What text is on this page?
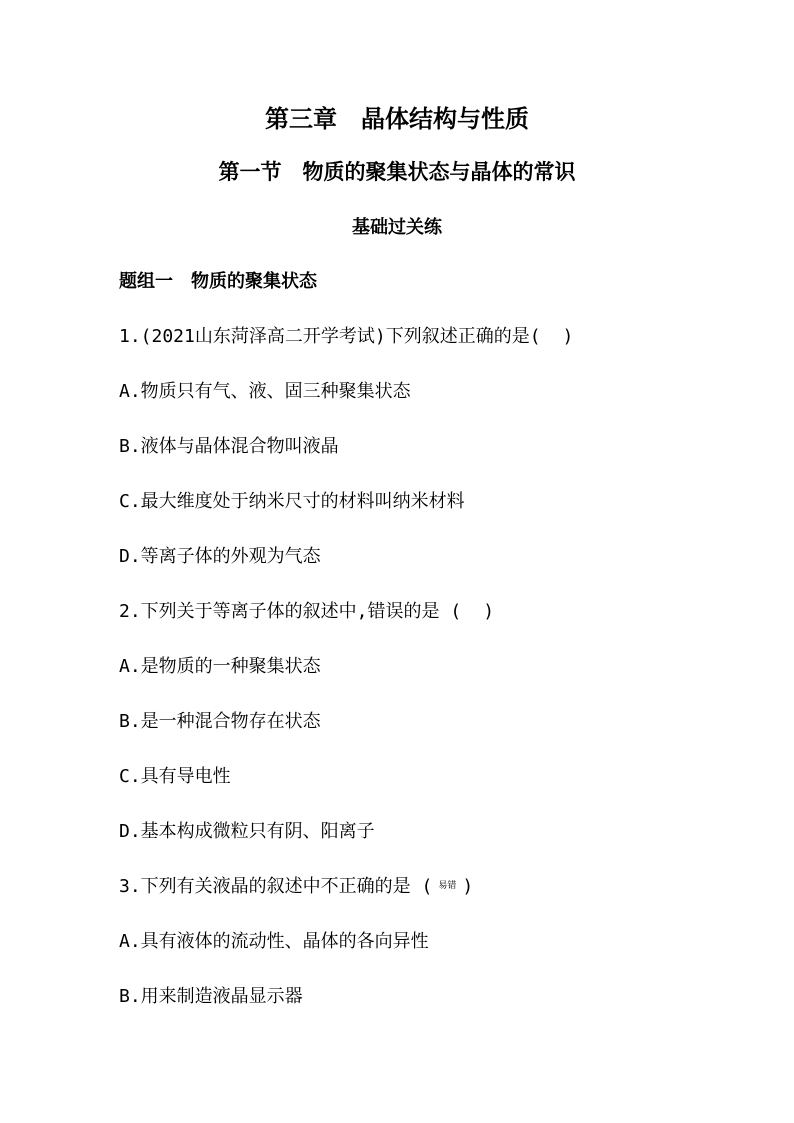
第三章　晶体结构与性质
第一节　物质的聚集状态与晶体的常识
基础过关练
题组一　物质的聚集状态
1.(2021山东菏泽高二开学考试)下列叙述正确的是( )
A.物质只有气、液、固三种聚集状态
B.液体与晶体混合物叫液晶
C.最大维度处于纳米尺寸的材料叫纳米材料
D.等离子体的外观为气态
2.下列关于等离子体的叙述中,错误的是 ( )
A.是物质的一种聚集状态
B.是一种混合物存在状态
C.具有导电性
D.基本构成微粒只有阴、阳离子
3.下列有关液晶的叙述中不正确的是 ( 易错 )
A.具有液体的流动性、晶体的各向异性
B.用来制造液晶显示器
